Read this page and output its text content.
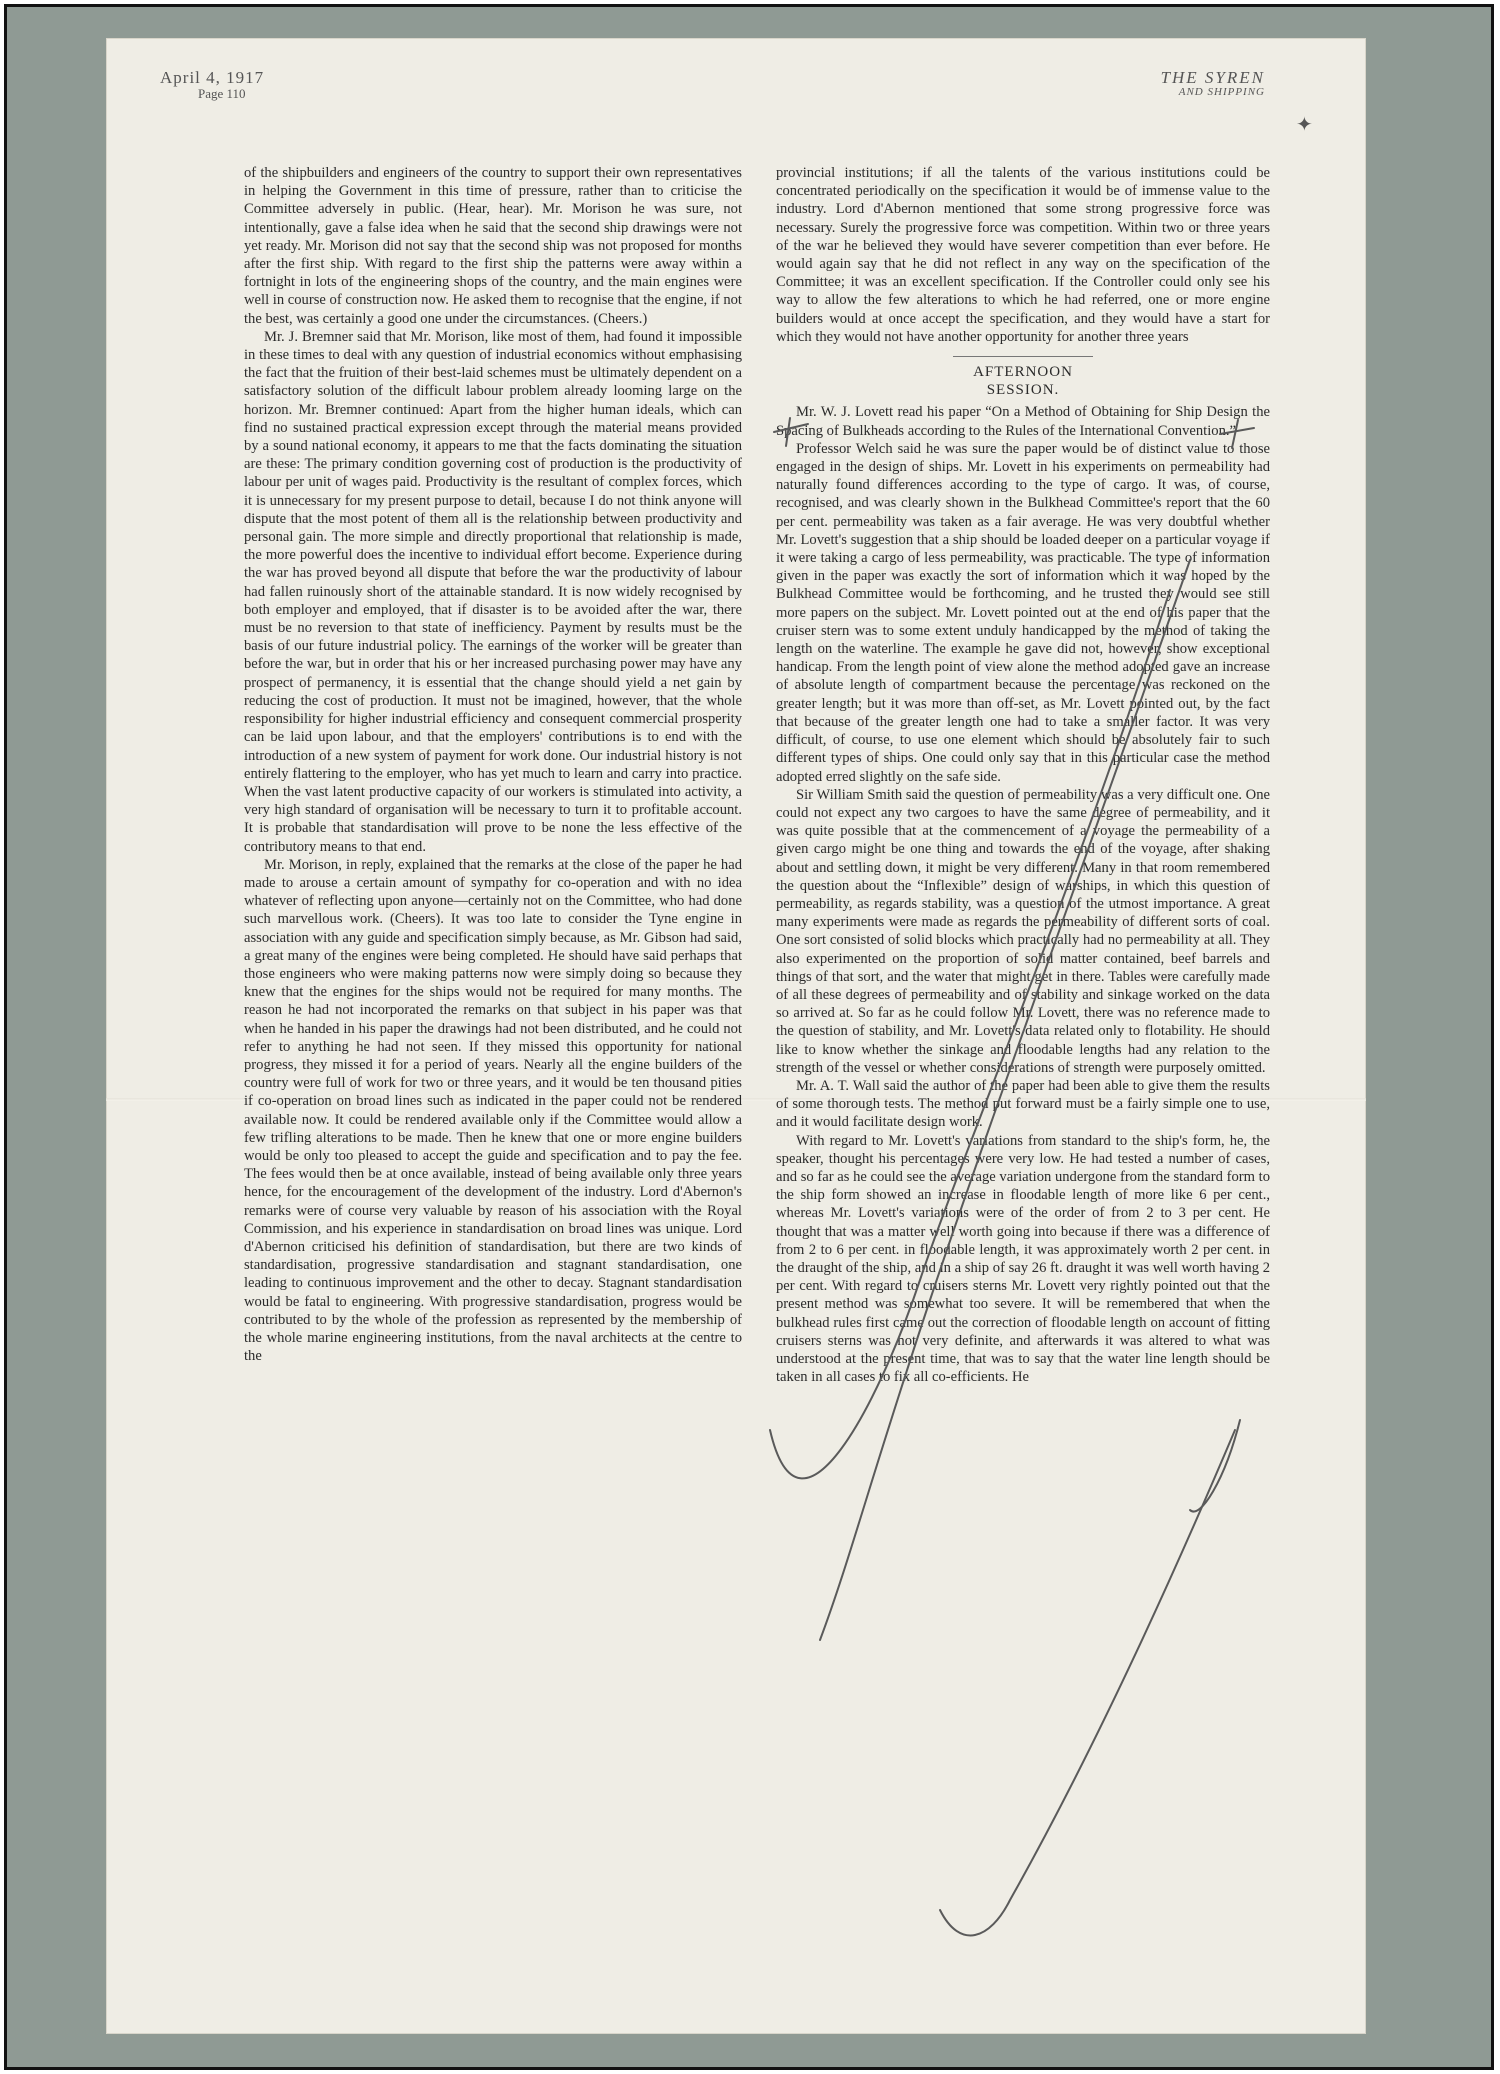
April 4, 1917
Page 110
THE SYREN
AND SHIPPING
✦

of the shipbuilders and engineers of the country to support their own representatives in helping the Government in this time of pressure, rather than to criticise the Committee adversely in public. (Hear, hear). Mr. Morison he was sure, not intentionally, gave a false idea when he said that the second ship drawings were not yet ready. Mr. Morison did not say that the second ship was not proposed for months after the first ship. With regard to the first ship the patterns were away within a fortnight in lots of the engineering shops of the country, and the main engines were well in course of construction now. He asked them to recognise that the engine, if not the best, was certainly a good one under the circumstances. (Cheers.)

Mr. J. Bremner said that Mr. Morison, like most of them, had found it impossible in these times to deal with any question of industrial economics without emphasising the fact that the fruition of their best-laid schemes must be ultimately dependent on a satisfactory solution of the difficult labour problem already looming large on the horizon. Mr. Bremner continued: Apart from the higher human ideals, which can find no sustained practical expression except through the material means provided by a sound national economy, it appears to me that the facts dominating the situation are these: The primary condition governing cost of production is the productivity of labour per unit of wages paid. Productivity is the resultant of complex forces, which it is unnecessary for my present purpose to detail, because I do not think anyone will dispute that the most potent of them all is the relationship between productivity and personal gain. The more simple and directly proportional that relationship is made, the more powerful does the incentive to individual effort become. Experience during the war has proved beyond all dispute that before the war the productivity of labour had fallen ruinously short of the attainable standard. It is now widely recognised by both employer and employed, that if disaster is to be avoided after the war, there must be no reversion to that state of inefficiency. Payment by results must be the basis of our future industrial policy. The earnings of the worker will be greater than before the war, but in order that his or her increased purchasing power may have any prospect of permanency, it is essential that the change should yield a net gain by reducing the cost of production. It must not be imagined, however, that the whole responsibility for higher industrial efficiency and consequent commercial prosperity can be laid upon labour, and that the employers' contributions is to end with the introduction of a new system of payment for work done. Our industrial history is not entirely flattering to the employer, who has yet much to learn and carry into practice. When the vast latent productive capacity of our workers is stimulated into activity, a very high standard of organisation will be necessary to turn it to profitable account. It is probable that standardisation will prove to be none the less effective of the contributory means to that end.

Mr. Morison, in reply, explained that the remarks at the close of the paper he had made to arouse a certain amount of sympathy for co-operation and with no idea whatever of reflecting upon anyone—certainly not on the Committee, who had done such marvellous work. (Cheers). It was too late to consider the Tyne engine in association with any guide and specification simply because, as Mr. Gibson had said, a great many of the engines were being completed. He should have said perhaps that those engineers who were making patterns now were simply doing so because they knew that the engines for the ships would not be required for many months. The reason he had not incorporated the remarks on that subject in his paper was that when he handed in his paper the drawings had not been distributed, and he could not refer to anything he had not seen. If they missed this opportunity for national progress, they missed it for a period of years. Nearly all the engine builders of the country were full of work for two or three years, and it would be ten thousand pities if co-operation on broad lines such as indicated in the paper could not be rendered available now. It could be rendered available only if the Committee would allow a few trifling alterations to be made. Then he knew that one or more engine builders would be only too pleased to accept the guide and specification and to pay the fee. The fees would then be at once available, instead of being available only three years hence, for the encouragement of the development of the industry. Lord d'Abernon's remarks were of course very valuable by reason of his association with the Royal Commission, and his experience in standardisation on broad lines was unique. Lord d'Abernon criticised his definition of standardisation, but there are two kinds of standardisation, progressive standardisation and stagnant standardisation, one leading to continuous improvement and the other to decay. Stagnant standardisation would be fatal to engineering. With progressive standardisation, progress would be contributed to by the whole of the profession as represented by the membership of the whole marine engineering institutions, from the naval architects at the centre to the

provincial institutions; if all the talents of the various institutions could be concentrated periodically on the specification it would be of immense value to the industry. Lord d'Abernon mentioned that some strong progressive force was necessary. Surely the progressive force was competition. Within two or three years of the war he believed they would have severer competition than ever before. He would again say that he did not reflect in any way on the specification of the Committee; it was an excellent specification. If the Controller could only see his way to allow the few alterations to which he had referred, one or more engine builders would at once accept the specification, and they would have a start for which they would not have another opportunity for another three years

AFTERNOON SESSION.

Mr. W. J. Lovett read his paper “On a Method of Obtaining for Ship Design the Spacing of Bulkheads according to the Rules of the International Convention.”

Professor Welch said he was sure the paper would be of distinct value to those engaged in the design of ships. Mr. Lovett in his experiments on permeability had naturally found differences according to the type of cargo. It was, of course, recognised, and was clearly shown in the Bulkhead Committee's report that the 60 per cent. permeability was taken as a fair average. He was very doubtful whether Mr. Lovett's suggestion that a ship should be loaded deeper on a particular voyage if it were taking a cargo of less permeability, was practicable. The type of information given in the paper was exactly the sort of information which it was hoped by the Bulkhead Committee would be forthcoming, and he trusted they would see still more papers on the subject. Mr. Lovett pointed out at the end of his paper that the cruiser stern was to some extent unduly handicapped by the method of taking the length on the waterline. The example he gave did not, however, show exceptional handicap. From the length point of view alone the method adopted gave an increase of absolute length of compartment because the percentage was reckoned on the greater length; but it was more than off-set, as Mr. Lovett pointed out, by the fact that because of the greater length one had to take a smaller factor. It was very difficult, of course, to use one element which should be absolutely fair to such different types of ships. One could only say that in this particular case the method adopted erred slightly on the safe side.

Sir William Smith said the question of permeability was a very difficult one. One could not expect any two cargoes to have the same degree of permeability, and it was quite possible that at the commencement of a voyage the permeability of a given cargo might be one thing and towards the end of the voyage, after shaking about and settling down, it might be very different. Many in that room remembered the question about the “Inflexible” design of warships, in which this question of permeability, as regards stability, was a question of the utmost importance. A great many experiments were made as regards the permeability of different sorts of coal. One sort consisted of solid blocks which practically had no permeability at all. They also experimented on the proportion of solid matter contained, beef barrels and things of that sort, and the water that might get in there. Tables were carefully made of all these degrees of permeability and of stability and sinkage worked on the data so arrived at. So far as he could follow Mr. Lovett, there was no reference made to the question of stability, and Mr. Lovett's data related only to flotability. He should like to know whether the sinkage and floodable lengths had any relation to the strength of the vessel or whether considerations of strength were purposely omitted.

Mr. A. T. Wall said the author of the paper had been able to give them the results of some thorough tests. The method put forward must be a fairly simple one to use, and it would facilitate design work.

With regard to Mr. Lovett's variations from standard to the ship's form, he, the speaker, thought his percentages were very low. He had tested a number of cases, and so far as he could see the average variation undergone from the standard form to the ship form showed an increase in floodable length of more like 6 per cent., whereas Mr. Lovett's variations were of the order of from 2 to 3 per cent. He thought that was a matter well worth going into because if there was a difference of from 2 to 6 per cent. in floodable length, it was approximately worth 2 per cent. in the draught of the ship, and in a ship of say 26 ft. draught it was well worth having 2 per cent. With regard to cruisers sterns Mr. Lovett very rightly pointed out that the present method was somewhat too severe. It will be remembered that when the bulkhead rules first came out the correction of floodable length on account of fitting cruisers sterns was not very definite, and afterwards it was altered to what was understood at the present time, that was to say that the water line length should be taken in all cases to fix all co-efficients. He
